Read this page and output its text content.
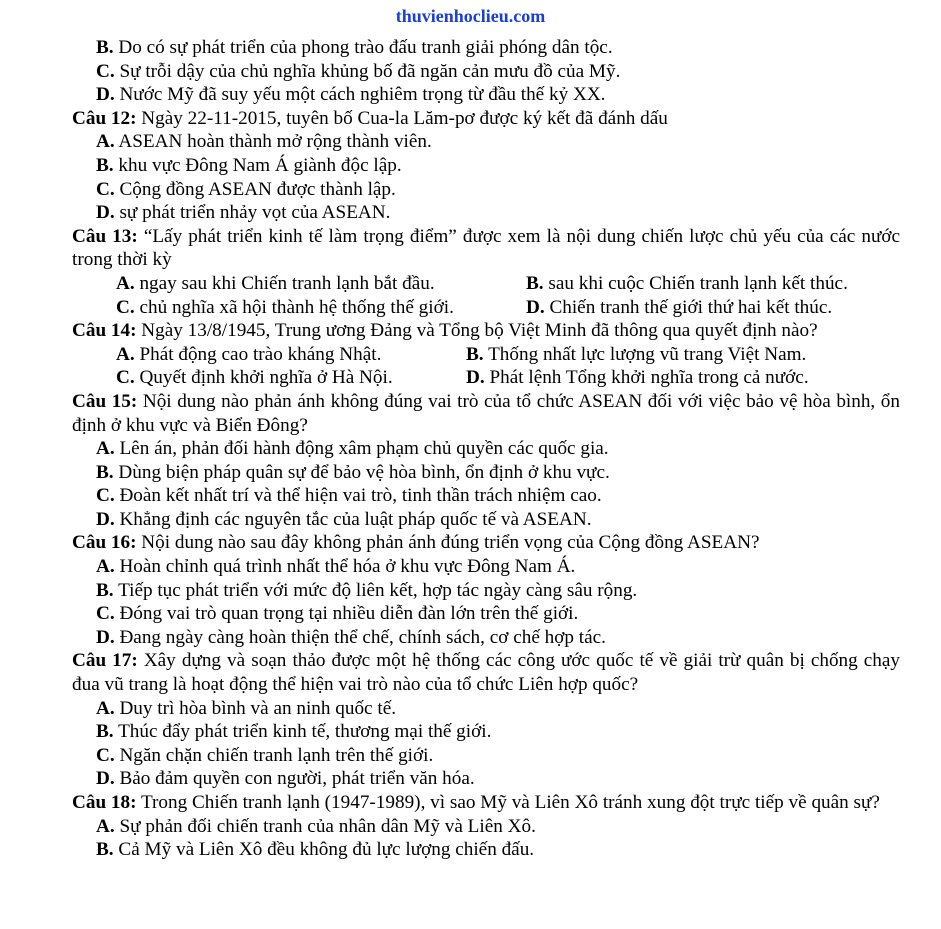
thuvienhoclieu.com

B. Do có sự phát triển của phong trào đấu tranh giải phóng dân tộc.

C. Sự trỗi dậy của chủ nghĩa khủng bố đã ngăn cản mưu đồ của Mỹ.

D. Nước Mỹ đã suy yếu một cách nghiêm trọng từ đầu thế kỷ XX.

Câu 12: Ngày 22-11-2015, tuyên bố Cua-la Lăm-pơ được ký kết đã đánh dấu

A. ASEAN hoàn thành mở rộng thành viên.

B. khu vực Đông Nam Á giành độc lập.

C. Cộng đồng ASEAN được thành lập.

D. sự phát triển nhảy vọt của ASEAN.

Câu 13: “Lấy phát triển kinh tế làm trọng điểm” được xem là nội dung chiến lược chủ yếu của các nước trong thời kỳ

A. ngay sau khi Chiến tranh lạnh bắt đầu.	B. sau khi cuộc Chiến tranh lạnh kết thúc.
C. chủ nghĩa xã hội thành hệ thống thế giới.	D. Chiến tranh thế giới thứ hai kết thúc.

Câu 14: Ngày 13/8/1945, Trung ương Đảng và Tổng bộ Việt Minh đã thông qua quyết định nào?

A. Phát động cao trào kháng Nhật.	B. Thống nhất lực lượng vũ trang Việt Nam.
C. Quyết định khởi nghĩa ở Hà Nội.	D. Phát lệnh Tổng khởi nghĩa trong cả nước.

Câu 15: Nội dung nào phản ánh không đúng vai trò của tổ chức ASEAN đối với việc bảo vệ hòa bình, ổn định ở khu vực và Biển Đông?

A. Lên án, phản đối hành động xâm phạm chủ quyền các quốc gia.

B. Dùng biện pháp quân sự để bảo vệ hòa bình, ổn định ở khu vực.

C. Đoàn kết nhất trí và thể hiện vai trò, tinh thần trách nhiệm cao.

D. Khẳng định các nguyên tắc của luật pháp quốc tế và ASEAN.

Câu 16: Nội dung nào sau đây không phản ánh đúng triển vọng của Cộng đồng ASEAN?

A. Hoàn chỉnh quá trình nhất thể hóa ở khu vực Đông Nam Á.

B. Tiếp tục phát triển với mức độ liên kết, hợp tác ngày càng sâu rộng.

C. Đóng vai trò quan trọng tại nhiều diễn đàn lớn trên thế giới.

D. Đang ngày càng hoàn thiện thể chế, chính sách, cơ chế hợp tác.

Câu 17: Xây dựng và soạn thảo được một hệ thống các công ước quốc tế về giải trừ quân bị chống chạy đua vũ trang là hoạt động thể hiện vai trò nào của tổ chức Liên hợp quốc?

A. Duy trì hòa bình và an ninh quốc tế.

B. Thúc đẩy phát triển kinh tế, thương mại thế giới.

C. Ngăn chặn chiến tranh lạnh trên thế giới.

D. Bảo đảm quyền con người, phát triển văn hóa.

Câu 18: Trong Chiến tranh lạnh (1947-1989), vì sao Mỹ và Liên Xô tránh xung đột trực tiếp về quân sự?

A. Sự phản đối chiến tranh của nhân dân Mỹ và Liên Xô.

B. Cả Mỹ và Liên Xô đều không đủ lực lượng chiến đấu.
